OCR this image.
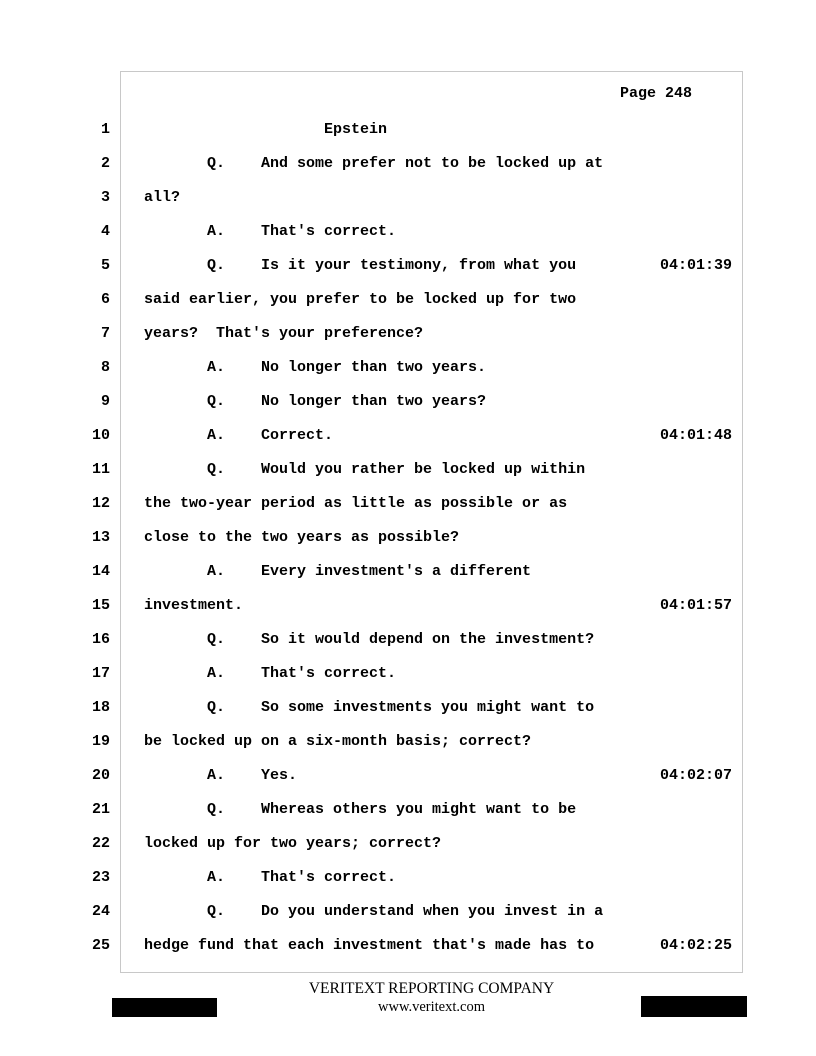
Page 248
1 Epstein
2 Q.    And some prefer not to be locked up at
3 all?
4 A.    That's correct.
5 Q.    Is it your testimony, from what you	04:01:39
6 said earlier, you prefer to be locked up for two
7 years?  That's your preference?
8 A.    No longer than two years.
9 Q.    No longer than two years?
10 A.    Correct.	04:01:48
11 Q.    Would you rather be locked up within
12 the two-year period as little as possible or as
13 close to the two years as possible?
14 A.    Every investment's a different
15 investment.	04:01:57
16 Q.    So it would depend on the investment?
17 A.    That's correct.
18 Q.    So some investments you might want to
19 be locked up on a six-month basis; correct?
20 A.    Yes.	04:02:07
21 Q.    Whereas others you might want to be
22 locked up for two years; correct?
23 A.    That's correct.
24 Q.    Do you understand when you invest in a
25 hedge fund that each investment that's made has to	04:02:25
VERITEXT REPORTING COMPANY
www.veritext.com
